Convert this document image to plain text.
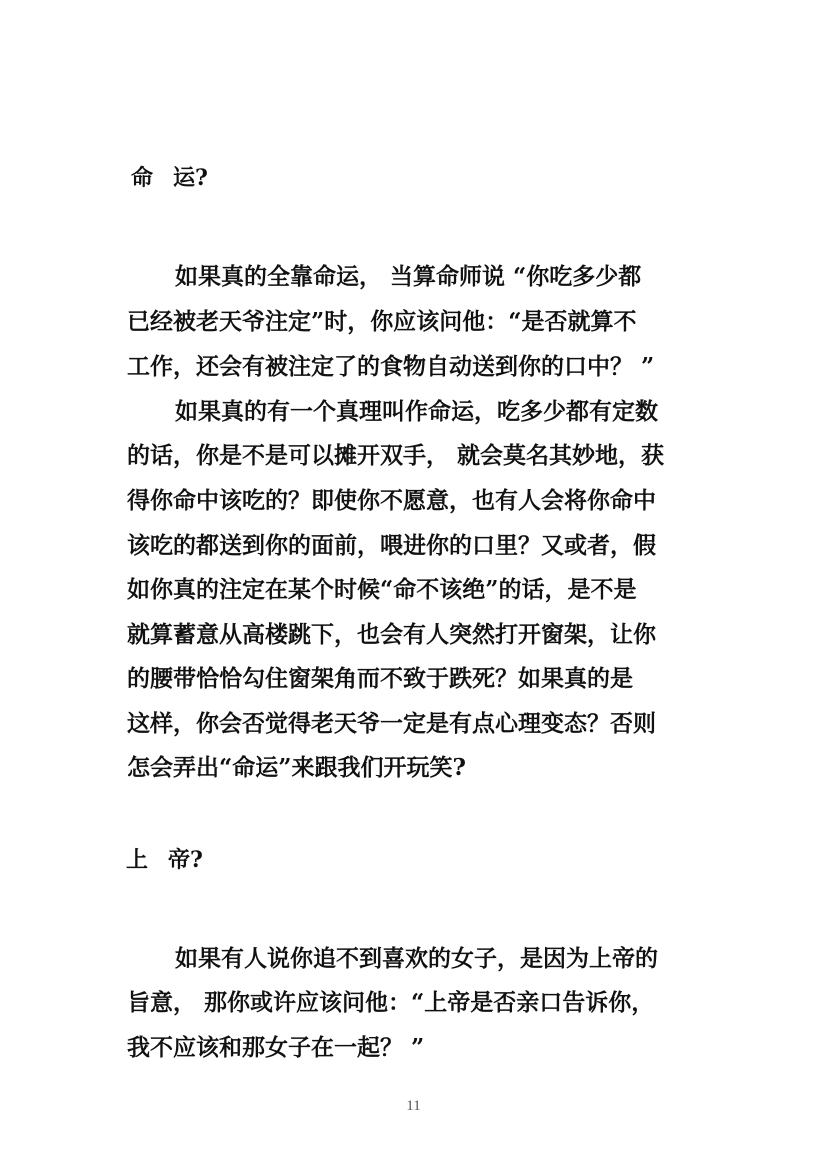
命 运?
如果真的全靠命运， 当算命师说 “你吃多少都
已经被老天爷注定”时，你应该问他：“是否就算不
工作，还会有被注定了的食物自动送到你的口中？ ”
如果真的有一个真理叫作命运，吃多少都有定数
的话，你是不是可以摊开双手， 就会莫名其妙地，获
得你命中该吃的？即使你不愿意，也有人会将你命中
该吃的都送到你的面前，喂进你的口里？又或者，假
如你真的注定在某个时候“命不该绝”的话，是不是
就算蓄意从高楼跳下，也会有人突然打开窗架，让你
的腰带恰恰勾住窗架角而不致于跌死？如果真的是
这样，你会否觉得老天爷一定是有点心理变态？否则
怎会弄出“命运”来跟我们开玩笑?
上 帝?
如果有人说你追不到喜欢的女子，是因为上帝的
旨意， 那你或许应该问他：“上帝是否亲口告诉你，
我不应该和那女子在一起？ ”
11
